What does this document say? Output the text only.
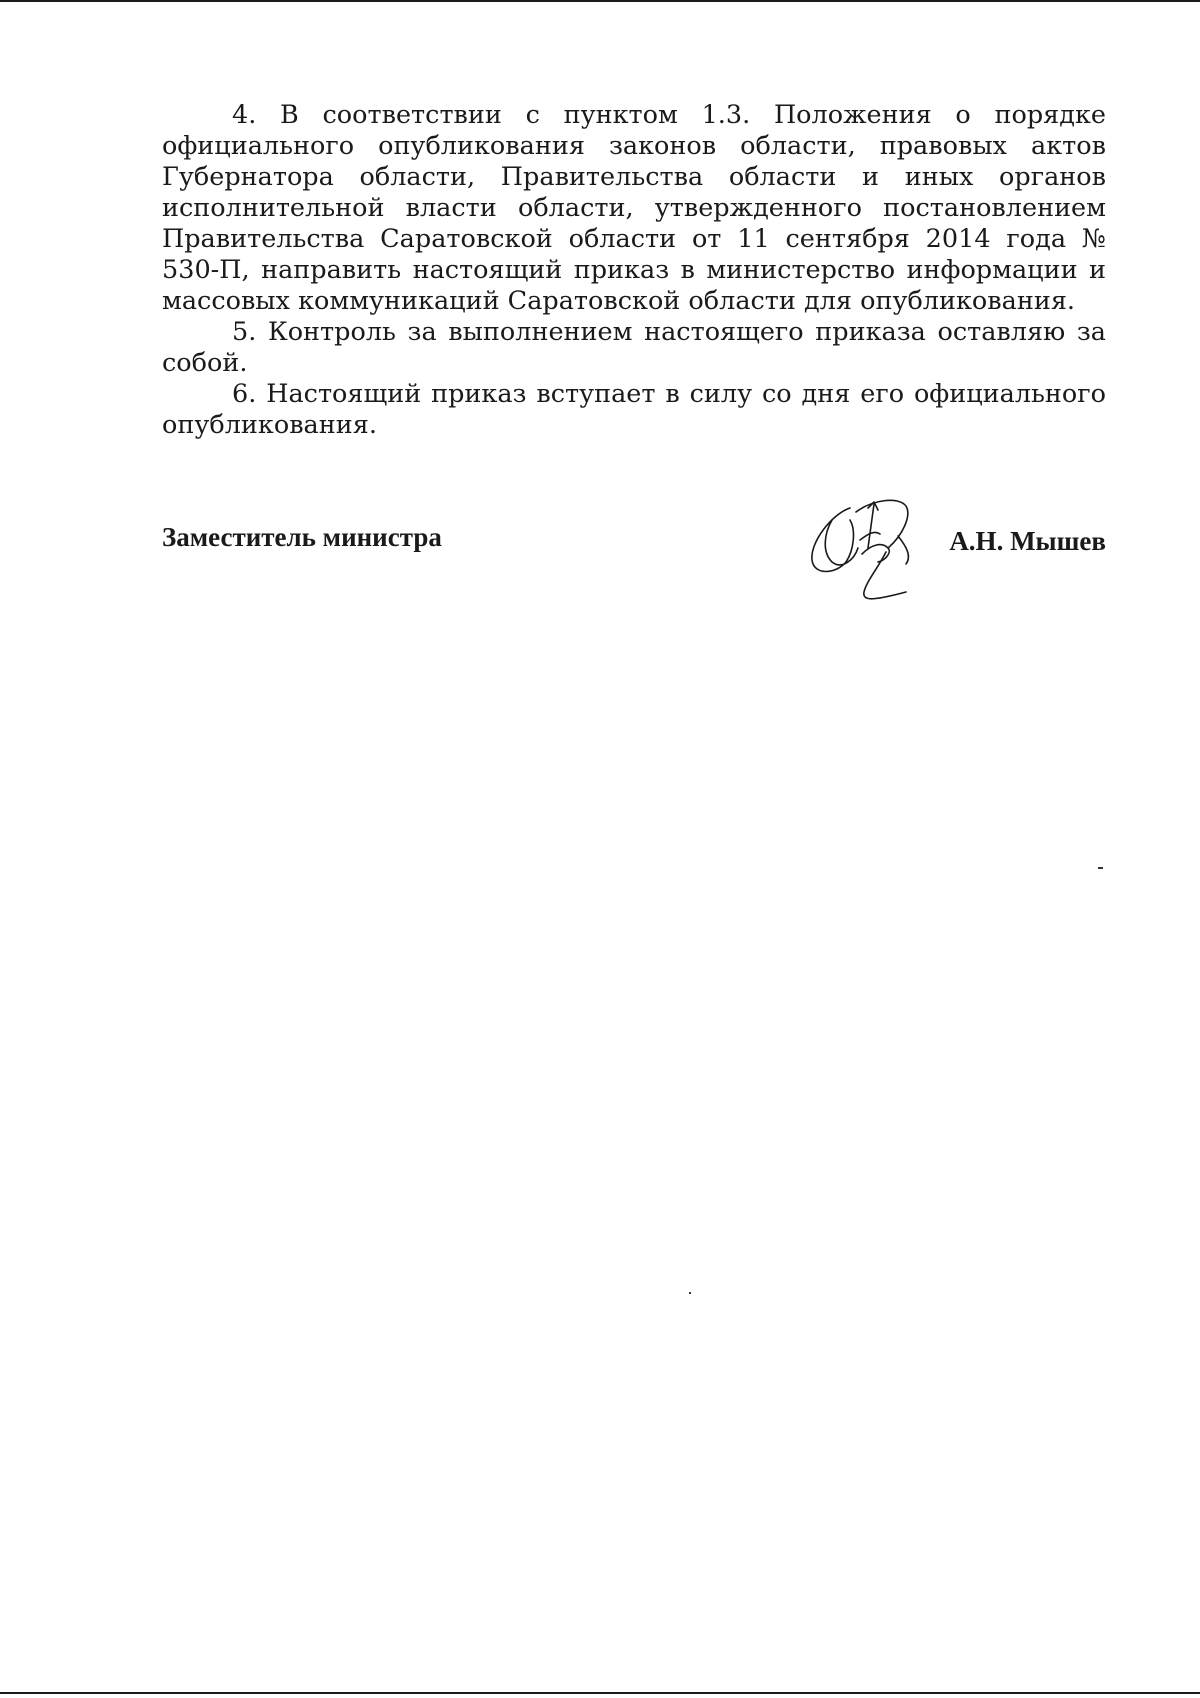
4. В соответствии с пунктом 1.3. Положения о порядке официального опубликования законов области, правовых актов Губернатора области, Правительства области и иных органов исполнительной власти области, утвержденного постановлением Правительства Саратовской области от 11 сентября 2014 года № 530-П, направить настоящий приказ в министерство информации и массовых коммуникаций Саратовской области для опубликования.

5. Контроль за выполнением настоящего приказа оставляю за собой.

6. Настоящий приказ вступает в силу со дня его официального опубликования.

Заместитель министра	А.Н. Мышев
